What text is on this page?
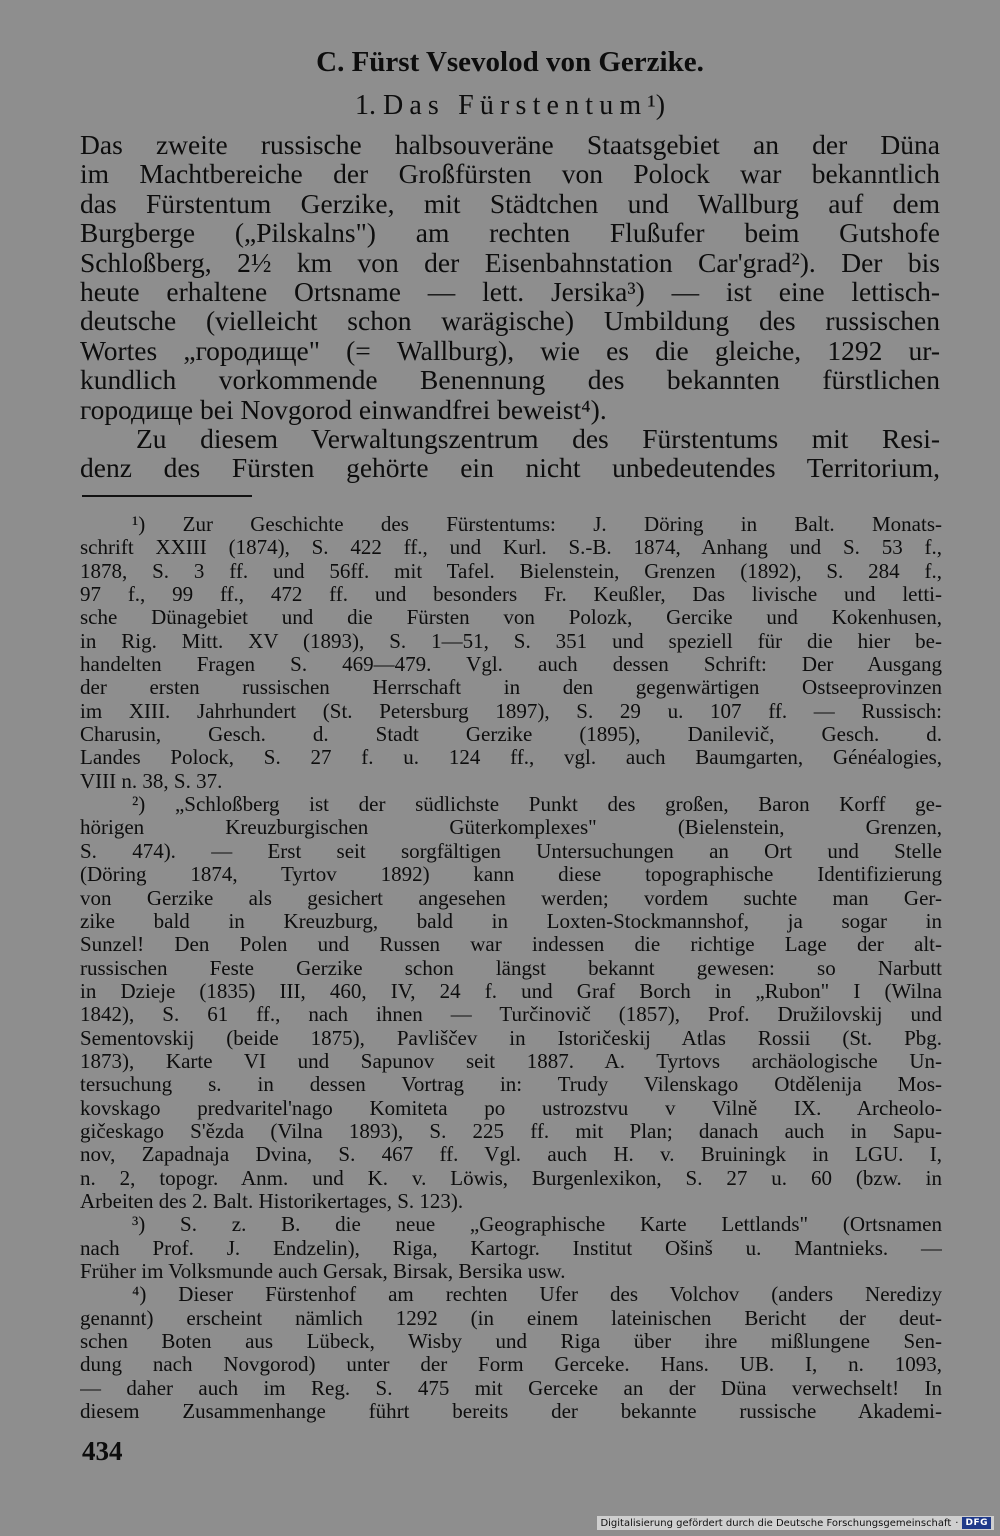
C. Fürst Vsevolod von Gerzike.
1. Das Fürstentum¹)
Das zweite russische halbsouveräne Staatsgebiet an der Düna
im Machtbereiche der Großfürsten von Polock war bekanntlich
das Fürstentum Gerzike, mit Städtchen und Wallburg auf dem
Burgberge („Pilskalns") am rechten Flußufer beim Gutshofe
Schloßberg, 2½ km von der Eisenbahnstation Car'grad²). Der bis
heute erhaltene Ortsname — lett. Jersika³) — ist eine lettisch-
deutsche (vielleicht schon warägische) Umbildung des russischen
Wortes „городище" (= Wallburg), wie es die gleiche, 1292 ur-
kundlich vorkommende Benennung des bekannten fürstlichen
городище bei Novgorod einwandfrei beweist⁴).
Zu diesem Verwaltungszentrum des Fürstentums mit Resi-
denz des Fürsten gehörte ein nicht unbedeutendes Territorium,
¹) Zur Geschichte des Fürstentums: J. Döring in Balt. Monats-
schrift XXIII (1874), S. 422 ff., und Kurl. S.-B. 1874, Anhang und S. 53 f.,
1878, S. 3 ff. und 56ff. mit Tafel. Bielenstein, Grenzen (1892), S. 284 f.,
97 f., 99 ff., 472 ff. und besonders Fr. Keußler, Das livische und letti-
sche Dünagebiet und die Fürsten von Polozk, Gercike und Kokenhusen,
in Rig. Mitt. XV (1893), S. 1—51, S. 351 und speziell für die hier be-
handelten Fragen S. 469—479. Vgl. auch dessen Schrift: Der Ausgang
der ersten russischen Herrschaft in den gegenwärtigen Ostseeprovinzen
im XIII. Jahrhundert (St. Petersburg 1897), S. 29 u. 107 ff. — Russisch:
Charusin, Gesch. d. Stadt Gerzike (1895), Danilevič, Gesch. d.
Landes Polock, S. 27 f. u. 124 ff., vgl. auch Baumgarten, Généalogies,
VIII n. 38, S. 37.
²) „Schloßberg ist der südlichste Punkt des großen, Baron Korff ge-
hörigen Kreuzburgischen Güterkomplexes" (Bielenstein, Grenzen,
S. 474). — Erst seit sorgfältigen Untersuchungen an Ort und Stelle
(Döring 1874, Tyrtov 1892) kann diese topographische Identifizierung
von Gerzike als gesichert angesehen werden; vordem suchte man Ger-
zike bald in Kreuzburg, bald in Loxten-Stockmannshof, ja sogar in
Sunzel! Den Polen und Russen war indessen die richtige Lage der alt-
russischen Feste Gerzike schon längst bekannt gewesen: so Narbutt
in Dzieje (1835) III, 460, IV, 24 f. und Graf Borch in „Rubon" I (Wilna
1842), S. 61 ff., nach ihnen — Turčinovič (1857), Prof. Družilovskij und
Sementovskij (beide 1875), Pavliščev in Istoričeskij Atlas Rossii (St. Pbg.
1873), Karte VI und Sapunov seit 1887. A. Tyrtovs archäologische Un-
tersuchung s. in dessen Vortrag in: Trudy Vilenskago Otdělenija Mos-
kovskago predvaritel'nago Komiteta po ustrozstvu v Vilně IX. Archeolo-
gičeskago S'ězda (Vilna 1893), S. 225 ff. mit Plan; danach auch in Sapu-
nov, Zapadnaja Dvina, S. 467 ff. Vgl. auch H. v. Bruiningk in LGU. I,
n. 2, topogr. Anm. und K. v. Löwis, Burgenlexikon, S. 27 u. 60 (bzw. in
Arbeiten des 2. Balt. Historikertages, S. 123).
³) S. z. B. die neue „Geographische Karte Lettlands" (Ortsnamen
nach Prof. J. Endzelin), Riga, Kartogr. Institut Ošinš u. Mantnieks. —
Früher im Volksmunde auch Gersak, Birsak, Bersika usw.
⁴) Dieser Fürstenhof am rechten Ufer des Volchov (anders Neredizy
genannt) erscheint nämlich 1292 (in einem lateinischen Bericht der deut-
schen Boten aus Lübeck, Wisby und Riga über ihre mißlungene Sen-
dung nach Novgorod) unter der Form Gerceke. Hans. UB. I, n. 1093,
— daher auch im Reg. S. 475 mit Gerceke an der Düna verwechselt! In
diesem Zusammenhange führt bereits der bekannte russische Akademi-
434
Digitalisierung gefördert durch die Deutsche Forschungsgemeinschaft · DFG
